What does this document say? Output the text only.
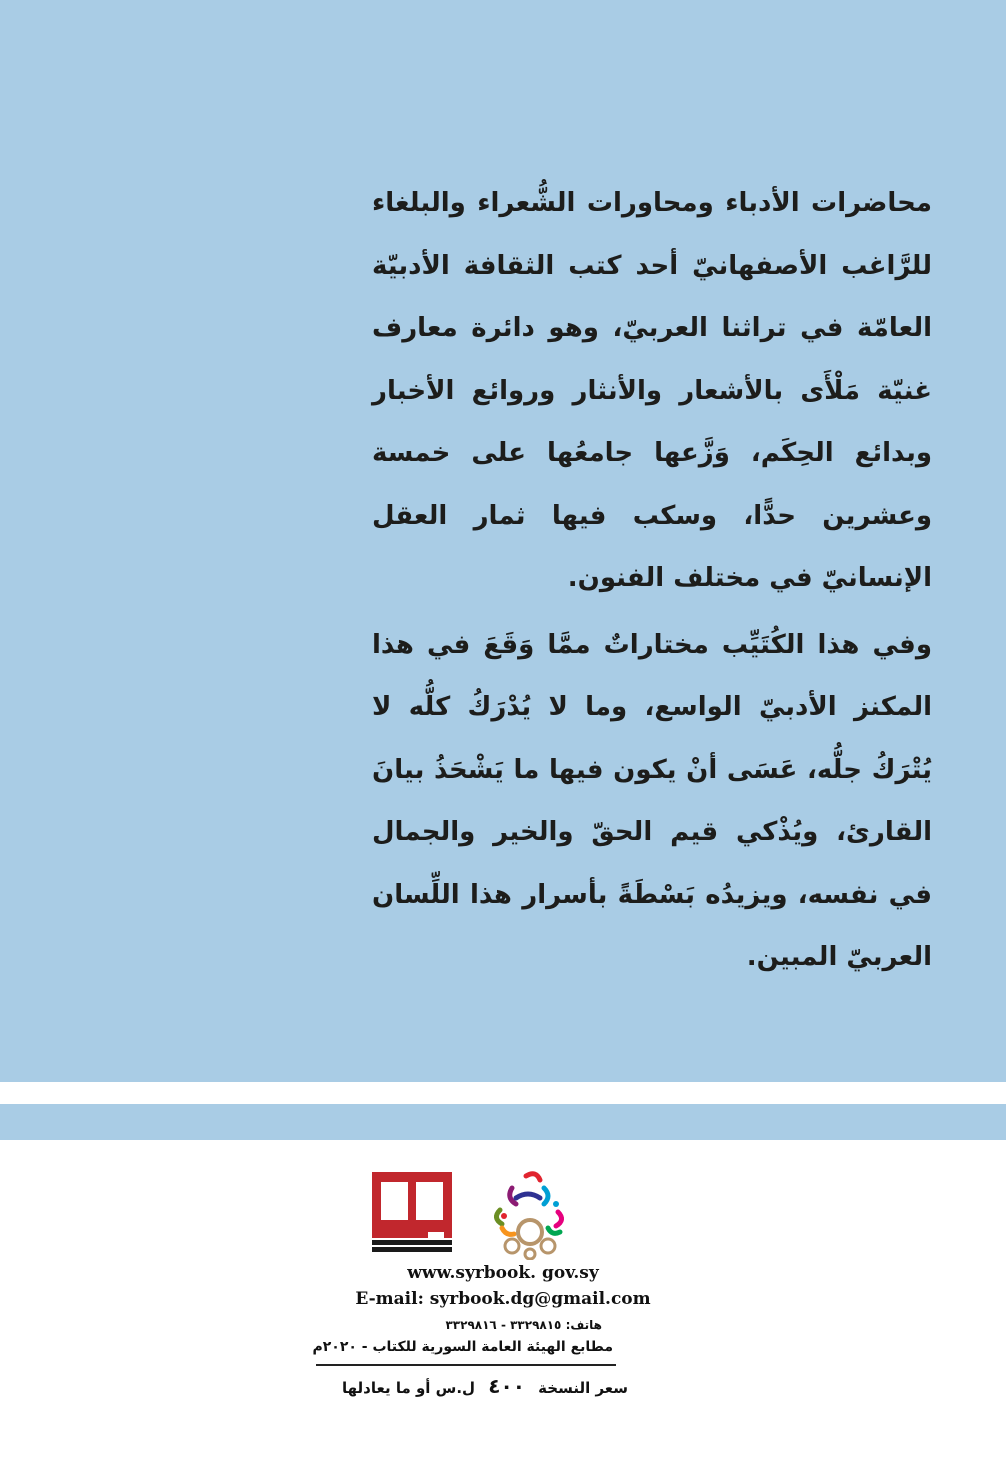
محاضرات الأدباء ومحاورات الشُّعراء والبلغاء للرَّاغب الأصفهانيّ أحد كتب الثقافة الأدبيّة العامّة في تراثنا العربيّ، وهو دائرة معارف غنيّة مَلْأَى بالأشعار والأنثار وروائع الأخبار وبدائع الحِكَم، وَزَّعها جامعُها على خمسة وعشرين حدًّا، وسكب فيها ثمار العقل الإنسانيّ في مختلف الفنون.

وفي هذا الكُتَيِّب مختاراتٌ ممَّا وَقَعَ في هذا المكنز الأدبيّ الواسع، وما لا يُدْرَكُ كلُّه لا يُتْرَكُ جلُّه، عَسَى أنْ يكون فيها ما يَشْحَذُ بيانَ القارئ، ويُذْكي قيم الحقّ والخير والجمال في نفسه، ويزيدُه بَسْطَةً بأسرار هذا اللِّسان العربيّ المبين.

www.syrbook. gov.sy
E-mail: syrbook.dg@gmail.com
هاتف: ٣٣٢٩٨١٥ - ٣٣٢٩٨١٦
مطابع الهيئة العامة السورية للكتاب - ٢٠٢٠م
سعر النسخة ٤٠٠ ل.س أو ما يعادلها
